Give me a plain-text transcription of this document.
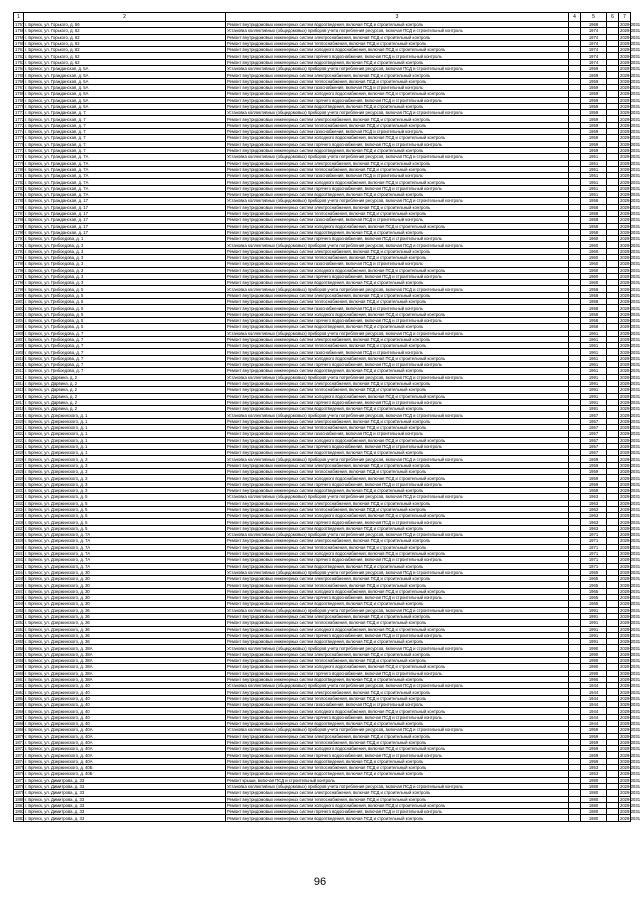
1	2	3	4	5	6	7
1757	г. Брянск, ул. Горького, д. 56	Ремонт внутридомовых инженерных систем водоотведения, включая ПСД и строительный контроль		1968		2029-2031
1758	г. Брянск, ул. Горького, д. 62	Установка коллективных (общедомовых) приборов учета потребления ресурсов, включая ПСД и строительный контроль		1974		2029-2031
1759	г. Брянск, ул. Горького, д. 62	Ремонт внутридомовых инженерных систем электроснабжения, включая ПСД и строительный контроль		1974		2029-2031
1760	г. Брянск, ул. Горького, д. 62	Ремонт внутридомовых инженерных систем теплоснабжения, включая ПСД и строительный контроль		1974		2029-2031
1761	г. Брянск, ул. Горького, д. 62	Ремонт внутридомовых инженерных систем холодного водоснабжения, включая ПСД и строительный контроль		1974		2029-2031
1762	г. Брянск, ул. Горького, д. 62	Ремонт внутридомовых инженерных систем горячего водоснабжения, включая ПСД и строительный контроль		1974		2029-2031
1763	г. Брянск, ул. Горького, д. 62	Ремонт внутридомовых инженерных систем водоотведения, включая ПСД и строительный контроль		1974		2029-2031
1764	г. Брянск, ул. Гражданская, д. 5А	Установка коллективных (общедомовых) приборов учета потребления ресурсов, включая ПСД и строительный контроль		1959		2029-2031
1765	г. Брянск, ул. Гражданская, д. 5А	Ремонт внутридомовых инженерных систем электроснабжения, включая ПСД и строительный контроль		1959		2029-2031
1766	г. Брянск, ул. Гражданская, д. 5А	Ремонт внутридомовых инженерных систем теплоснабжения, включая ПСД и строительный контроль		1959		2029-2031
1767	г. Брянск, ул. Гражданская, д. 5А	Ремонт внутридомовых инженерных систем газоснабжения, включая ПСД и строительный контроль		1959		2029-2031
1768	г. Брянск, ул. Гражданская, д. 5А	Ремонт внутридомовых инженерных систем холодного водоснабжения, включая ПСД и строительный контроль		1959		2029-2031
1769	г. Брянск, ул. Гражданская, д. 5А	Ремонт внутридомовых инженерных систем горячего водоснабжения, включая ПСД и строительный контроль		1959		2029-2031
1770	г. Брянск, ул. Гражданская, д. 5А	Ремонт внутридомовых инженерных систем водоотведения, включая ПСД и строительный контроль		1959		2029-2031
1771	г. Брянск, ул. Гражданская, д. 7	Установка коллективных (общедомовых) приборов учета потребления ресурсов, включая ПСД и строительный контроль		1959		2029-2031
1772	г. Брянск, ул. Гражданская, д. 7	Ремонт внутридомовых инженерных систем электроснабжения, включая ПСД и строительный контроль		1959		2029-2031
1773	г. Брянск, ул. Гражданская, д. 7	Ремонт внутридомовых инженерных систем теплоснабжения, включая ПСД и строительный контроль		1959		2029-2031
1774	г. Брянск, ул. Гражданская, д. 7	Ремонт внутридомовых инженерных систем газоснабжения, включая ПСД и строительный контроль		1959		2029-2031
1775	г. Брянск, ул. Гражданская, д. 7	Ремонт внутридомовых инженерных систем холодного водоснабжения, включая ПСД и строительный контроль		1959		2029-2031
1776	г. Брянск, ул. Гражданская, д. 7	Ремонт внутридомовых инженерных систем горячего водоснабжения, включая ПСД и строительный контроль		1959		2029-2031
1777	г. Брянск, ул. Гражданская, д. 7	Ремонт внутридомовых инженерных систем водоотведения, включая ПСД и строительный контроль		1959		2029-2031
1778	г. Брянск, ул. Гражданская, д. 7А	Установка коллективных (общедомовых) приборов учета потребления ресурсов, включая ПСД и строительный контроль		1951		2029-2031
1779	г. Брянск, ул. Гражданская, д. 7А	Ремонт внутридомовых инженерных систем электроснабжения, включая ПСД и строительный контроль		1951		2029-2031
1780	г. Брянск, ул. Гражданская, д. 7А	Ремонт внутридомовых инженерных систем теплоснабжения, включая ПСД и строительный контроль		1951		2029-2031
1781	г. Брянск, ул. Гражданская, д. 7А	Ремонт внутридомовых инженерных систем газоснабжения, включая ПСД и строительный контроль		1951		2029-2031
1782	г. Брянск, ул. Гражданская, д. 7А	Ремонт внутридомовых инженерных систем холодного водоснабжения, включая ПСД и строительный контроль		1951		2029-2031
1783	г. Брянск, ул. Гражданская, д. 7А	Ремонт внутридомовых инженерных систем горячего водоснабжения, включая ПСД и строительный контроль		1951		2029-2031
1784	г. Брянск, ул. Гражданская, д. 7А	Ремонт внутридомовых инженерных систем водоотведения, включая ПСД и строительный контроль		1951		2029-2031
1785	г. Брянск, ул. Гражданская, д. 17	Установка коллективных (общедомовых) приборов учета потребления ресурсов, включая ПСД и строительный контроль		1958		2029-2031
1786	г. Брянск, ул. Гражданская, д. 17	Ремонт внутридомовых инженерных систем электроснабжения, включая ПСД и строительный контроль		1958		2029-2031
1787	г. Брянск, ул. Гражданская, д. 17	Ремонт внутридомовых инженерных систем теплоснабжения, включая ПСД и строительный контроль		1958		2029-2031
1788	г. Брянск, ул. Гражданская, д. 17	Ремонт внутридомовых инженерных систем газоснабжения, включая ПСД и строительный контроль		1958		2029-2031
1789	г. Брянск, ул. Гражданская, д. 17	Ремонт внутридомовых инженерных систем холодного водоснабжения, включая ПСД и строительный контроль		1958		2029-2031
1790	г. Брянск, ул. Гражданская, д. 17	Ремонт внутридомовых инженерных систем водоотведения, включая ПСД и строительный контроль		1958		2029-2031
1791	г. Брянск, ул. Грибоедова, д. 1	Ремонт внутридомовых инженерных систем горячего водоснабжения, включая ПСД и строительный контроль		1960		2029-2031
1792	г. Брянск, ул. Грибоедова, д. 3	Установка коллективных (общедомовых) приборов учета потребления ресурсов, включая ПСД и строительный контроль		1960		2029-2031
1793	г. Брянск, ул. Грибоедова, д. 3	Ремонт внутридомовых инженерных систем электроснабжения, включая ПСД и строительный контроль		1960		2029-2031
1794	г. Брянск, ул. Грибоедова, д. 3	Ремонт внутридомовых инженерных систем теплоснабжения, включая ПСД и строительный контроль		1960		2029-2031
1795	г. Брянск, ул. Грибоедова, д. 3	Ремонт внутридомовых инженерных систем газоснабжения, включая ПСД и строительный контроль		1960		2029-2031
1796	г. Брянск, ул. Грибоедова, д. 3	Ремонт внутридомовых инженерных систем холодного водоснабжения, включая ПСД и строительный контроль		1960		2029-2031
1797	г. Брянск, ул. Грибоедова, д. 3	Ремонт внутридомовых инженерных систем горячего водоснабжения, включая ПСД и строительный контроль		1960		2029-2031
1798	г. Брянск, ул. Грибоедова, д. 3	Ремонт внутридомовых инженерных систем водоотведения, включая ПСД и строительный контроль		1960		2029-2031
1799	г. Брянск, ул. Грибоедова, д. 5	Установка коллективных (общедомовых) приборов учета потребления ресурсов, включая ПСД и строительный контроль		1958		2029-2031
1800	г. Брянск, ул. Грибоедова, д. 5	Ремонт внутридомовых инженерных систем электроснабжения, включая ПСД и строительный контроль		1958		2029-2031
1801	г. Брянск, ул. Грибоедова, д. 5	Ремонт внутридомовых инженерных систем теплоснабжения, включая ПСД и строительный контроль		1958		2029-2031
1802	г. Брянск, ул. Грибоедова, д. 5	Ремонт внутридомовых инженерных систем газоснабжения, включая ПСД и строительный контроль		1958		2029-2031
1803	г. Брянск, ул. Грибоедова, д. 5	Ремонт внутридомовых инженерных систем холодного водоснабжения, включая ПСД и строительный контроль		1958		2029-2031
1804	г. Брянск, ул. Грибоедова, д. 5	Ремонт внутридомовых инженерных систем горячего водоснабжения, включая ПСД и строительный контроль		1958		2029-2031
1805	г. Брянск, ул. Грибоедова, д. 5	Ремонт внутридомовых инженерных систем водоотведения, включая ПСД и строительный контроль		1958		2029-2031
1806	г. Брянск, ул. Грибоедова, д. 7	Установка коллективных (общедомовых) приборов учета потребления ресурсов, включая ПСД и строительный контроль		1961		2029-2031
1807	г. Брянск, ул. Грибоедова, д. 7	Ремонт внутридомовых инженерных систем электроснабжения, включая ПСД и строительный контроль		1961		2029-2031
1808	г. Брянск, ул. Грибоедова, д. 7	Ремонт внутридомовых инженерных систем теплоснабжения, включая ПСД и строительный контроль		1961		2029-2031
1809	г. Брянск, ул. Грибоедова, д. 7	Ремонт внутридомовых инженерных систем газоснабжения, включая ПСД и строительный контроль		1961		2029-2031
1810	г. Брянск, ул. Грибоедова, д. 7	Ремонт внутридомовых инженерных систем холодного водоснабжения, включая ПСД и строительный контроль		1961		2029-2031
1811	г. Брянск, ул. Грибоедова, д. 7	Ремонт внутридомовых инженерных систем горячего водоснабжения, включая ПСД и строительный контроль		1961		2029-2031
1812	г. Брянск, ул. Грибоедова, д. 7	Ремонт внутридомовых инженерных систем водоотведения, включая ПСД и строительный контроль		1961		2029-2031
1813	г. Брянск, ул. Дарвина, д. 2	Установка коллективных (общедомовых) приборов учета потребления ресурсов, включая ПСД и строительный контроль		1991		2029-2031
1814	г. Брянск, ул. Дарвина, д. 2	Ремонт внутридомовых инженерных систем электроснабжения, включая ПСД и строительный контроль		1991		2029-2031
1815	г. Брянск, ул. Дарвина, д. 2	Ремонт внутридомовых инженерных систем теплоснабжения, включая ПСД и строительный контроль		1991		2029-2031
1816	г. Брянск, ул. Дарвина, д. 2	Ремонт внутридомовых инженерных систем холодного водоснабжения, включая ПСД и строительный контроль		1991		2029-2031
1817	г. Брянск, ул. Дарвина, д. 2	Ремонт внутридомовых инженерных систем горячего водоснабжения, включая ПСД и строительный контроль		1991		2029-2031
1818	г. Брянск, ул. Дарвина, д. 2	Ремонт внутридомовых инженерных систем водоотведения, включая ПСД и строительный контроль		1991		2029-2031
1819	г. Брянск, ул. Дзержинского, д. 1	Установка коллективных (общедомовых) приборов учета потребления ресурсов, включая ПСД и строительный контроль		1957		2029-2031
1820	г. Брянск, ул. Дзержинского, д. 1	Ремонт внутридомовых инженерных систем электроснабжения, включая ПСД и строительный контроль		1957		2029-2031
1821	г. Брянск, ул. Дзержинского, д. 1	Ремонт внутридомовых инженерных систем теплоснабжения, включая ПСД и строительный контроль		1957		2029-2031
1822	г. Брянск, ул. Дзержинского, д. 1	Ремонт внутридомовых инженерных систем газоснабжения, включая ПСД и строительный контроль		1957		2029-2031
1823	г. Брянск, ул. Дзержинского, д. 1	Ремонт внутридомовых инженерных систем холодного водоснабжения, включая ПСД и строительный контроль		1957		2029-2031
1824	г. Брянск, ул. Дзержинского, д. 1	Ремонт внутридомовых инженерных систем горячего водоснабжения, включая ПСД и строительный контроль		1957		2029-2031
1825	г. Брянск, ул. Дзержинского, д. 1	Ремонт внутридомовых инженерных систем водоотведения, включая ПСД и строительный контроль		1957		2029-2031
1826	г. Брянск, ул. Дзержинского, д. 3	Установка коллективных (общедомовых) приборов учета потребления ресурсов, включая ПСД и строительный контроль		1959		2029-2031
1827	г. Брянск, ул. Дзержинского, д. 3	Ремонт внутридомовых инженерных систем электроснабжения, включая ПСД и строительный контроль		1959		2029-2031
1828	г. Брянск, ул. Дзержинского, д. 3	Ремонт внутридомовых инженерных систем теплоснабжения, включая ПСД и строительный контроль		1959		2029-2031
1829	г. Брянск, ул. Дзержинского, д. 3	Ремонт внутридомовых инженерных систем холодного водоснабжения, включая ПСД и строительный контроль		1959		2029-2031
1830	г. Брянск, ул. Дзержинского, д. 3	Ремонт внутридомовых инженерных систем горячего водоснабжения, включая ПСД и строительный контроль		1959		2029-2031
1831	г. Брянск, ул. Дзержинского, д. 3	Ремонт внутридомовых инженерных систем водоотведения, включая ПСД и строительный контроль		1959		2029-2031
1832	г. Брянск, ул. Дзержинского, д. 5	Установка коллективных (общедомовых) приборов учета потребления ресурсов, включая ПСД и строительный контроль		1963		2029-2031
1833	г. Брянск, ул. Дзержинского, д. 5	Ремонт внутридомовых инженерных систем электроснабжения, включая ПСД и строительный контроль		1963		2029-2031
1834	г. Брянск, ул. Дзержинского, д. 5	Ремонт внутридомовых инженерных систем теплоснабжения, включая ПСД и строительный контроль		1963		2029-2031
1835	г. Брянск, ул. Дзержинского, д. 5	Ремонт внутридомовых инженерных систем холодного водоснабжения, включая ПСД и строительный контроль		1963		2029-2031
1836	г. Брянск, ул. Дзержинского, д. 5	Ремонт внутридомовых инженерных систем горячего водоснабжения, включая ПСД и строительный контроль		1963		2029-2031
1837	г. Брянск, ул. Дзержинского, д. 5	Ремонт внутридомовых инженерных систем водоотведения, включая ПСД и строительный контроль		1963		2029-2031
1838	г. Брянск, ул. Дзержинского, д. 7А	Установка коллективных (общедомовых) приборов учета потребления ресурсов, включая ПСД и строительный контроль		1971		2029-2031
1839	г. Брянск, ул. Дзержинского, д. 7А	Ремонт внутридомовых инженерных систем электроснабжения, включая ПСД и строительный контроль		1971		2029-2031
1840	г. Брянск, ул. Дзержинского, д. 7А	Ремонт внутридомовых инженерных систем теплоснабжения, включая ПСД и строительный контроль		1971		2029-2031
1841	г. Брянск, ул. Дзержинского, д. 7А	Ремонт внутридомовых инженерных систем холодного водоснабжения, включая ПСД и строительный контроль		1971		2029-2031
1842	г. Брянск, ул. Дзержинского, д. 7А	Ремонт внутридомовых инженерных систем горячего водоснабжения, включая ПСД и строительный контроль		1971		2029-2031
1843	г. Брянск, ул. Дзержинского, д. 7А	Ремонт внутридомовых инженерных систем водоотведения, включая ПСД и строительный контроль		1971		2029-2031
1844	г. Брянск, ул. Дзержинского, д. 30	Установка коллективных (общедомовых) приборов учета потребления ресурсов, включая ПСД и строительный контроль		1965		2029-2031
1845	г. Брянск, ул. Дзержинского, д. 30	Ремонт внутридомовых инженерных систем электроснабжения, включая ПСД и строительный контроль		1965		2029-2031
1846	г. Брянск, ул. Дзержинского, д. 30	Ремонт внутридомовых инженерных систем теплоснабжения, включая ПСД и строительный контроль		1965		2029-2031
1847	г. Брянск, ул. Дзержинского, д. 30	Ремонт внутридомовых инженерных систем холодного водоснабжения, включая ПСД и строительный контроль		1965		2029-2031
1848	г. Брянск, ул. Дзержинского, д. 30	Ремонт внутридомовых инженерных систем горячего водоснабжения, включая ПСД и строительный контроль		1965		2029-2031
1849	г. Брянск, ул. Дзержинского, д. 30	Ремонт внутридомовых инженерных систем водоотведения, включая ПСД и строительный контроль		1965		2029-2031
1850	г. Брянск, ул. Дзержинского, д. 36	Установка коллективных (общедомовых) приборов учета потребления ресурсов, включая ПСД и строительный контроль		1991		2029-2031
1851	г. Брянск, ул. Дзержинского, д. 36	Ремонт внутридомовых инженерных систем электроснабжения, включая ПСД и строительный контроль		1991		2029-2031
1852	г. Брянск, ул. Дзержинского, д. 36	Ремонт внутридомовых инженерных систем теплоснабжения, включая ПСД и строительный контроль		1991		2029-2031
1853	г. Брянск, ул. Дзержинского, д. 36	Ремонт внутридомовых инженерных систем холодного водоснабжения, включая ПСД и строительный контроль		1991		2029-2031
1854	г. Брянск, ул. Дзержинского, д. 36	Ремонт внутридомовых инженерных систем горячего водоснабжения, включая ПСД и строительный контроль		1991		2029-2031
1855	г. Брянск, ул. Дзержинского, д. 36	Ремонт внутридомовых инженерных систем водоотведения, включая ПСД и строительный контроль		1991		2029-2031
1856	г. Брянск, ул. Дзержинского, д. 38А	Установка коллективных (общедомовых) приборов учета потребления ресурсов, включая ПСД и строительный контроль		1990		2029-2031
1857	г. Брянск, ул. Дзержинского, д. 38А	Ремонт внутридомовых инженерных систем электроснабжения, включая ПСД и строительный контроль		1990		2029-2031
1858	г. Брянск, ул. Дзержинского, д. 38А	Ремонт внутридомовых инженерных систем теплоснабжения, включая ПСД и строительный контроль		1990		2029-2031
1859	г. Брянск, ул. Дзержинского, д. 38А	Ремонт внутридомовых инженерных систем холодного водоснабжения, включая ПСД и строительный контроль		1990		2029-2031
1860	г. Брянск, ул. Дзержинского, д. 38А	Ремонт внутридомовых инженерных систем горячего водоснабжения, включая ПСД и строительный контроль		1990		2029-2031
1861	г. Брянск, ул. Дзержинского, д. 38А	Ремонт внутридомовых инженерных систем водоотведения, включая ПСД и строительный контроль		1990		2029-2031
1862	г. Брянск, ул. Дзержинского, д. 40	Установка коллективных (общедомовых) приборов учета потребления ресурсов, включая ПСД и строительный контроль		1944		2029-2031
1863	г. Брянск, ул. Дзержинского, д. 40	Ремонт внутридомовых инженерных систем электроснабжения, включая ПСД и строительный контроль		1944		2029-2031
1864	г. Брянск, ул. Дзержинского, д. 40	Ремонт внутридомовых инженерных систем теплоснабжения, включая ПСД и строительный контроль		1944		2029-2031
1865	г. Брянск, ул. Дзержинского, д. 40	Ремонт внутридомовых инженерных систем газоснабжения, включая ПСД и строительный контроль		1944		2029-2031
1866	г. Брянск, ул. Дзержинского, д. 40	Ремонт внутридомовых инженерных систем холодного водоснабжения, включая ПСД и строительный контроль		1944		2029-2031
1867	г. Брянск, ул. Дзержинского, д. 40	Ремонт внутридомовых инженерных систем горячего водоснабжения, включая ПСД и строительный контроль		1944		2029-2031
1868	г. Брянск, ул. Дзержинского, д. 40	Ремонт внутридомовых инженерных систем водоотведения, включая ПСД и строительный контроль		1944		2029-2031
1869	г. Брянск, ул. Дзержинского, д. 40А	Установка коллективных (общедомовых) приборов учета потребления ресурсов, включая ПСД и строительный контроль		1959		2029-2031
1870	г. Брянск, ул. Дзержинского, д. 40А	Ремонт внутридомовых инженерных систем электроснабжения, включая ПСД и строительный контроль		1959		2029-2031
1871	г. Брянск, ул. Дзержинского, д. 40А	Ремонт внутридомовых инженерных систем теплоснабжения, включая ПСД и строительный контроль		1959		2029-2031
1872	г. Брянск, ул. Дзержинского, д. 40А	Ремонт внутридомовых инженерных систем холодного водоснабжения, включая ПСД и строительный контроль		1959		2029-2031
1873	г. Брянск, ул. Дзержинского, д. 40А	Ремонт внутридомовых инженерных систем горячего водоснабжения, включая ПСД и строительный контроль		1959		2029-2031
1874	г. Брянск, ул. Дзержинского, д. 40А	Ремонт внутридомовых инженерных систем водоотведения, включая ПСД и строительный контроль		1959		2029-2031
1875	г. Брянск, ул. Дзержинского, д. 40Б	Ремонт внутридомовых инженерных систем теплоснабжения, включая ПСД и строительный контроль		1953		2029-2031
1876	г. Брянск, ул. Дзержинского, д. 40Б	Ремонт внутридомовых инженерных систем водоотведения, включая ПСД и строительный контроль		1953		2029-2031
1877	г. Брянск, ул. Димитрова, д. 33	Ремонт крыши, включая ПСД и строительный контроль		1980		2029-2031
1878	г. Брянск, ул. Димитрова, д. 33	Установка коллективных (общедомовых) приборов учета потребления ресурсов, включая ПСД и строительный контроль		1980		2029-2031
1879	г. Брянск, ул. Димитрова, д. 33	Ремонт внутридомовых инженерных систем электроснабжения, включая ПСД и строительный контроль		1980		2029-2031
1880	г. Брянск, ул. Димитрова, д. 33	Ремонт внутридомовых инженерных систем теплоснабжения, включая ПСД и строительный контроль		1980		2029-2031
1881	г. Брянск, ул. Димитрова, д. 33	Ремонт внутридомовых инженерных систем холодного водоснабжения, включая ПСД и строительный контроль		1980		2029-2031
1882	г. Брянск, ул. Димитрова, д. 33	Ремонт внутридомовых инженерных систем горячего водоснабжения, включая ПСД и строительный контроль		1980		2029-2031
1883	г. Брянск, ул. Димитрова, д. 33	Ремонт внутридомовых инженерных систем водоотведения, включая ПСД и строительный контроль		1980		2029-2031
96
